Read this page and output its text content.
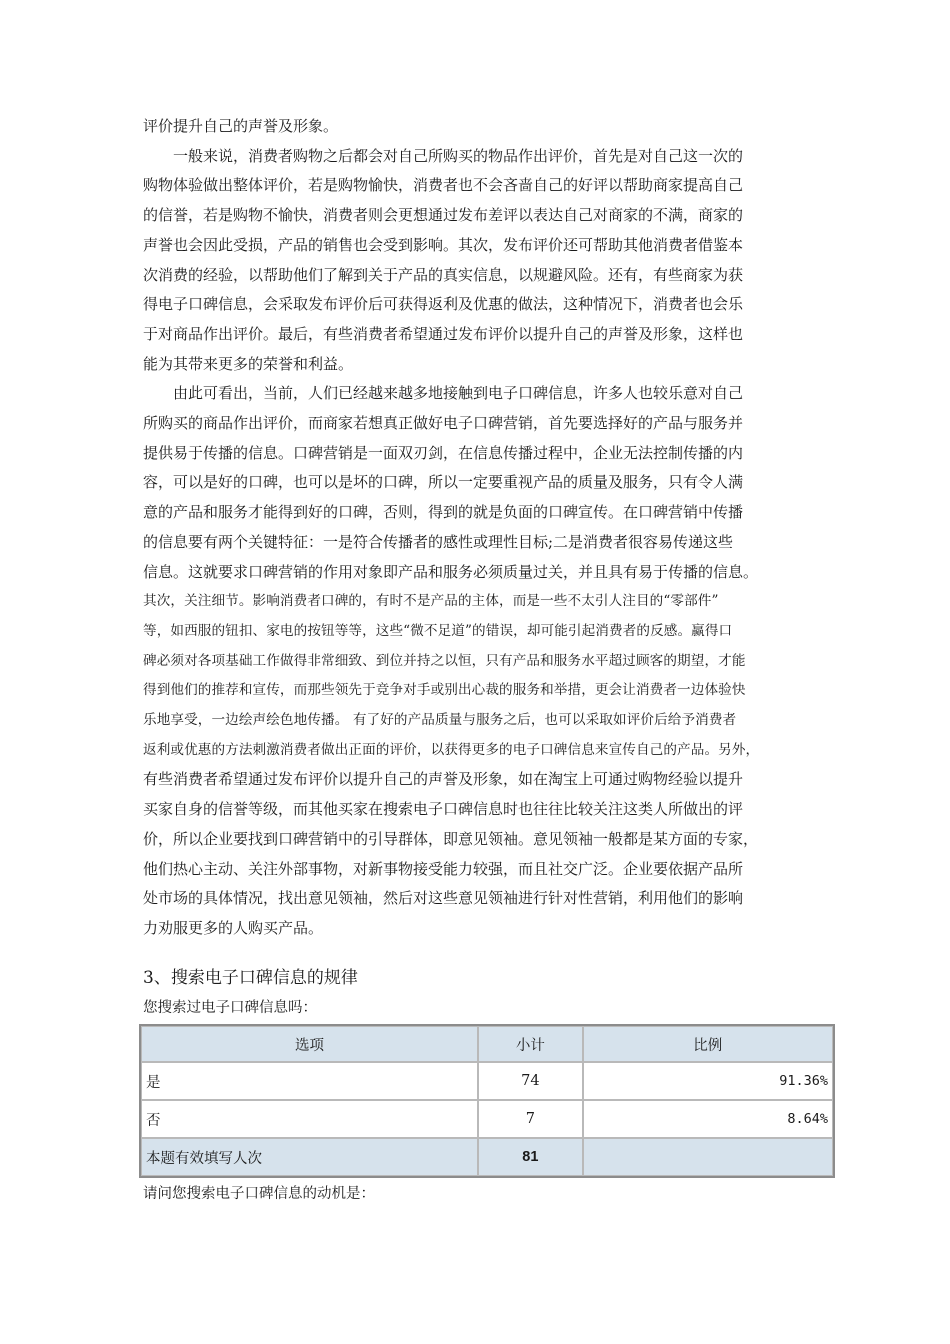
评价提升自己的声誉及形象。

　　一般来说，消费者购物之后都会对自己所购买的物品作出评价，首先是对自己这一次的

购物体验做出整体评价，若是购物愉快，消费者也不会吝啬自己的好评以帮助商家提高自己

的信誉，若是购物不愉快，消费者则会更想通过发布差评以表达自己对商家的不满，商家的

声誉也会因此受损，产品的销售也会受到影响。其次，发布评价还可帮助其他消费者借鉴本

次消费的经验，以帮助他们了解到关于产品的真实信息，以规避风险。还有，有些商家为获

得电子口碑信息，会采取发布评价后可获得返利及优惠的做法，这种情况下，消费者也会乐

于对商品作出评价。最后，有些消费者希望通过发布评价以提升自己的声誉及形象，这样也

能为其带来更多的荣誉和利益。

　　由此可看出，当前，人们已经越来越多地接触到电子口碑信息，许多人也较乐意对自己

所购买的商品作出评价，而商家若想真正做好电子口碑营销，首先要选择好的产品与服务并

提供易于传播的信息。口碑营销是一面双刃剑，在信息传播过程中，企业无法控制传播的内

容，可以是好的口碑，也可以是坏的口碑，所以一定要重视产品的质量及服务，只有令人满

意的产品和服务才能得到好的口碑，否则，得到的就是负面的口碑宣传。在口碑营销中传播

的信息要有两个关键特征：一是符合传播者的感性或理性目标;二是消费者很容易传递这些

信息。这就要求口碑营销的作用对象即产品和服务必须质量过关，并且具有易于传播的信息。

其次，关注细节。影响消费者口碑的，有时不是产品的主体，而是一些不太引人注目的“零部件”

等，如西服的钮扣、家电的按钮等等，这些“微不足道”的错误，却可能引起消费者的反感。赢得口

碑必须对各项基础工作做得非常细致、到位并持之以恒，只有产品和服务水平超过顾客的期望，才能

得到他们的推荐和宣传，而那些领先于竞争对手或别出心裁的服务和举措，更会让消费者一边体验快

乐地享受，一边绘声绘色地传播。 有了好的产品质量与服务之后，也可以采取如评价后给予消费者

返利或优惠的方法刺激消费者做出正面的评价，以获得更多的电子口碑信息来宣传自己的产品。另外，

有些消费者希望通过发布评价以提升自己的声誉及形象，如在淘宝上可通过购物经验以提升

买家自身的信誉等级，而其他买家在搜索电子口碑信息时也往往比较关注这类人所做出的评

价，所以企业要找到口碑营销中的引导群体，即意见领袖。意见领袖一般都是某方面的专家，

他们热心主动、关注外部事物，对新事物接受能力较强，而且社交广泛。企业要依据产品所

处市场的具体情况，找出意见领袖，然后对这些意见领袖进行针对性营销，利用他们的影响

力劝服更多的人购买产品。

3、搜索电子口碑信息的规律

您搜索过电子口碑信息吗：

选项	小计	比例
是	74	91.36%
否	7	8.64%
本题有效填写人次	81	

请问您搜索电子口碑信息的动机是：
